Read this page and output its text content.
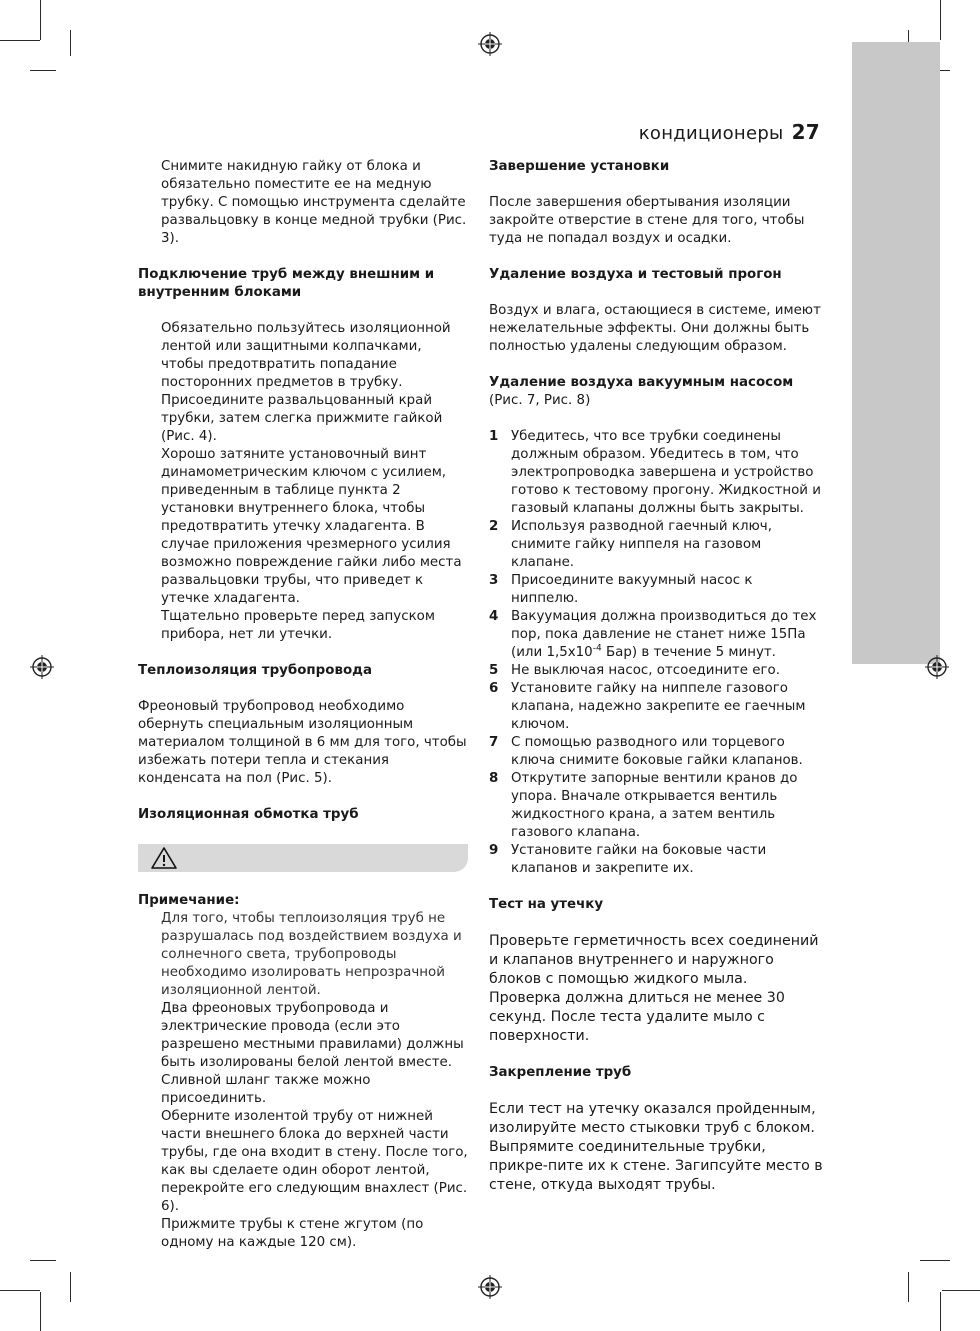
кондиционеры 27

Снимите накидную гайку от блока и обязательно поместите ее на медную трубку. С помощью инструмента сделайте развальцовку в конце медной трубки (Рис. 3).

Подключение труб между внешним и внутренним блоками

Обязательно пользуйтесь изоляционной лентой или защитными колпачками, чтобы предотвратить попадание посторонних предметов в трубку.

Присоедините развальцованный край трубки, затем слегка прижмите гайкой (Рис. 4).

Хорошо затяните установочный винт динамометрическим ключом с усилием, приведенным в таблице пункта 2 установки внутреннего блока, чтобы предотвратить утечку хладагента. В случае приложения чрезмерного усилия возможно повреждение гайки либо места развальцовки трубы, что приведет к утечке хладагента.

Тщательно проверьте перед запуском прибора, нет ли утечки.

Теплоизоляция трубопровода

Фреоновый трубопровод необходимо обернуть специальным изоляционным материалом толщиной в 6 мм для того, чтобы избежать потери тепла и стекания конденсата на пол (Рис. 5).

Изоляционная обмотка труб
Примечание:

Для того, чтобы теплоизоляция труб не разрушалась под воздействием воздуха и солнечного света, трубопроводы необходимо изолировать непрозрачной изоляционной лентой.

Два фреоновых трубопровода и электрические провода (если это разрешено местными правилами) должны быть изолированы белой лентой вместе. Сливной шланг также можно присоединить.

Оберните изолентой трубу от нижней части внешнего блока до верхней части трубы, где она входит в стену. После того, как вы сделаете один оборот лентой, перекройте его следующим внахлест (Рис. 6).

Прижмите трубы к стене жгутом (по одному на каждые 120 см).

Завершение установки

После завершения обертывания изоляции закройте отверстие в стене для того, чтобы туда не попадал воздух и осадки.

Удаление воздуха и тестовый прогон

Воздух и влага, остающиеся в системе, имеют нежелательные эффекты. Они должны быть полностью удалены следующим образом.

Удаление воздуха вакуумным насосом

(Рис. 7, Рис. 8)

1 Убедитесь, что все трубки соединены должным образом. Убедитесь в том, что электропроводка завершена и устройство готово к тестовому прогону. Жидкостной и газовый клапаны должны быть закрыты.
2 Используя разводной гаечный ключ, снимите гайку ниппеля на газовом клапане.
3 Присоедините вакуумный насос к ниппелю.
4 Вакуумация должна производиться до тех пор, пока давление не станет ниже 15Па (или $1,5x10^{-4}$ Бар) в течение 5 минут.
5 Не выключая насос, отсоедините его.
6 Установите гайку на ниппеле газового клапана, надежно закрепите ее гаечным ключом.
7 С помощью разводного или торцевого ключа снимите боковые гайки клапанов.
8 Открутите запорные вентили кранов до упора. Вначале открывается вентиль жидкостного крана, а затем вентиль газового клапана.
9 Установите гайки на боковые части клапанов и закрепите их.
Тест на утечку

Проверьте герметичность всех соединений и клапанов внутреннего и наружного блоков с помощью жидкого мыла. Проверка должна длиться не менее 30 секунд. После теста удалите мыло с поверхности.

Закрепление труб

Если тест на утечку оказался пройденным, изолируйте место стыковки труб с блоком. Выпрямите соединительные трубки, прикре-пите их к стене. Загипсуйте место в стене, откуда выходят трубы.
